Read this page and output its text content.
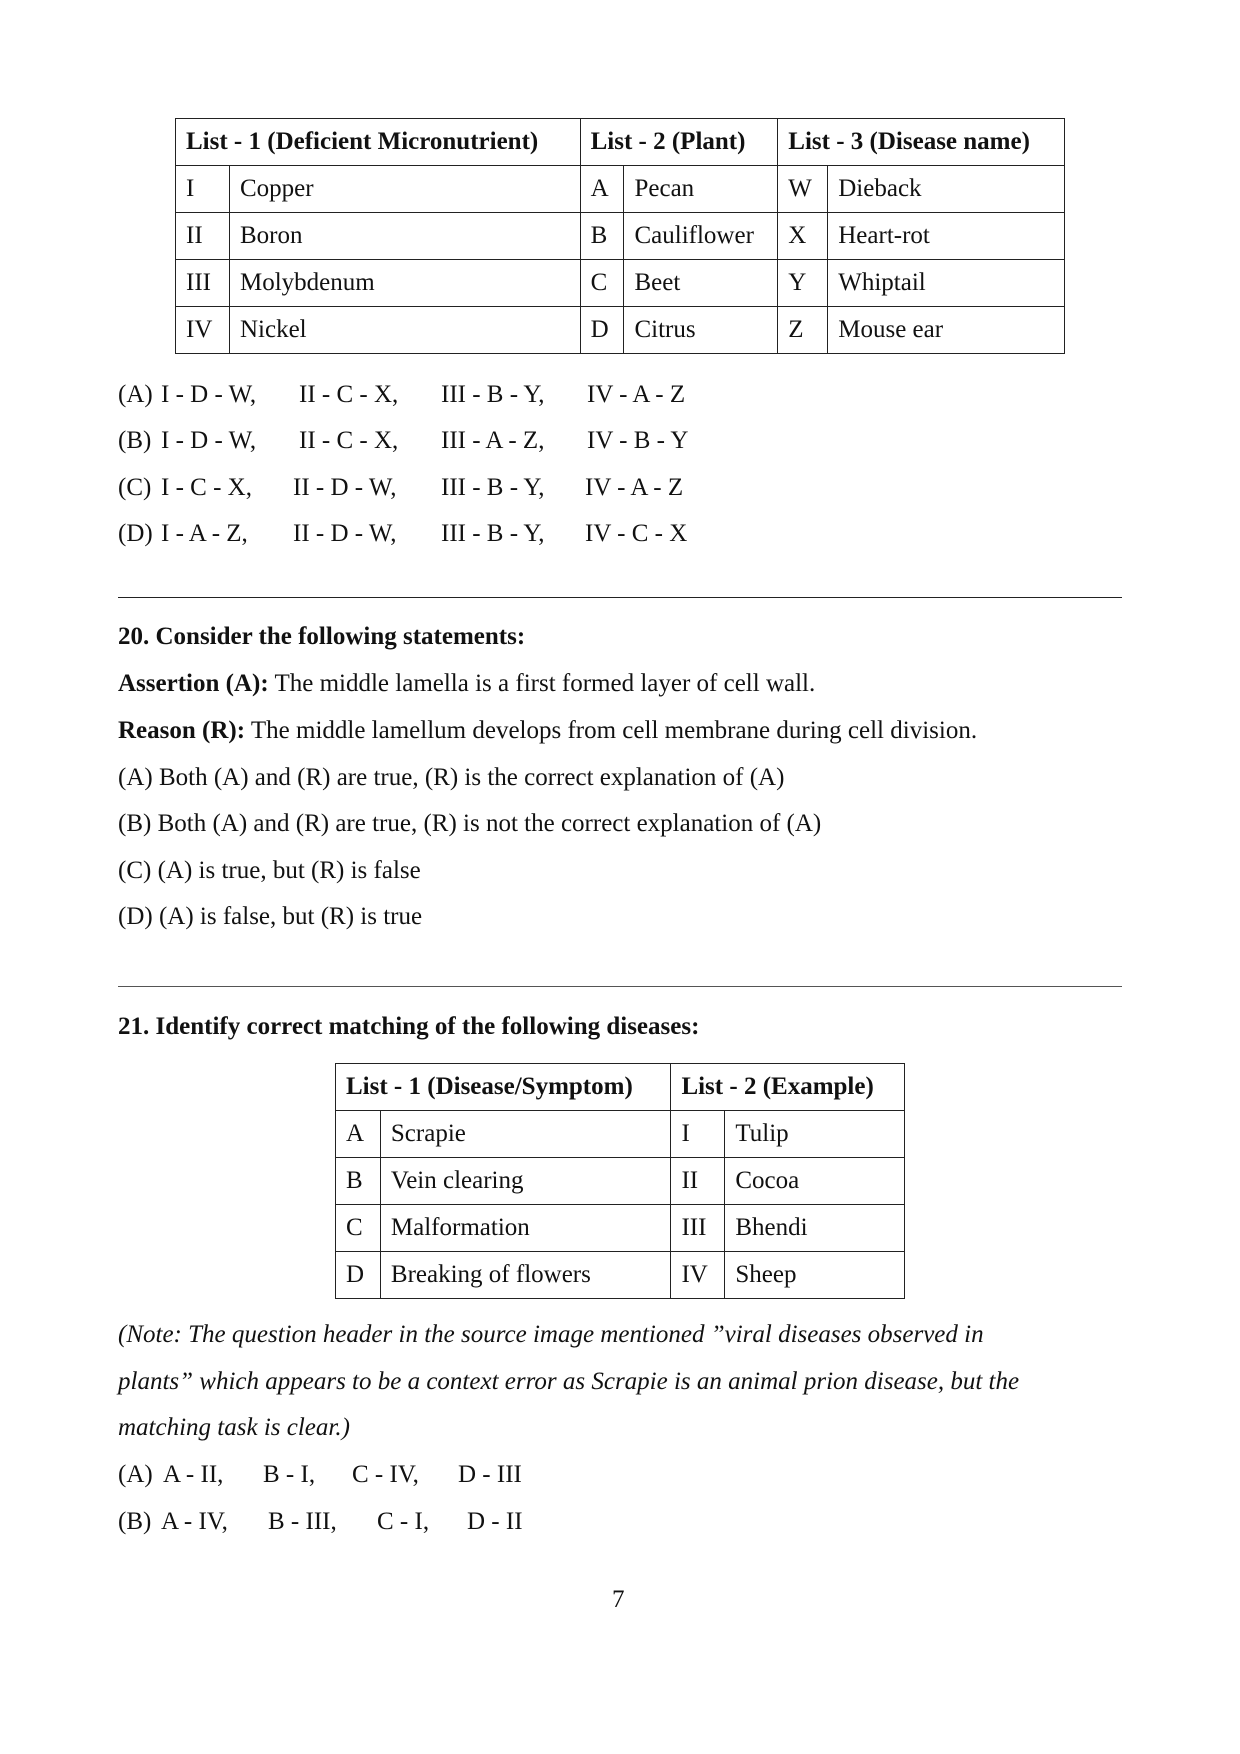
List - 1 (Deficient Micronutrient)		List - 2 (Plant)		List - 3 (Disease name)	
I	Copper	A	Pecan	W	Dieback
II	Boron	B	Cauliflower	X	Heart-rot
III	Molybdenum	C	Beet	Y	Whiptail
IV	Nickel	D	Citrus	Z	Mouse ear
(A) I - D - W, II - C - X, III - B - Y, IV - A - Z
(B) I - D - W, II - C - X, III - A - Z, IV - B - Y
(C) I - C - X, II - D - W, III - B - Y, IV - A - Z
(D) I - A - Z, II - D - W, III - B - Y, IV - C - X
20. Consider the following statements:
Assertion (A): The middle lamella is a first formed layer of cell wall.
Reason (R): The middle lamellum develops from cell membrane during cell division.
(A) Both (A) and (R) are true, (R) is the correct explanation of (A)
(B) Both (A) and (R) are true, (R) is not the correct explanation of (A)
(C) (A) is true, but (R) is false
(D) (A) is false, but (R) is true
21. Identify correct matching of the following diseases:
List - 1 (Disease/Symptom)		List - 2 (Example)	
A	Scrapie	I	Tulip
B	Vein clearing	II	Cocoa
C	Malformation	III	Bhendi
D	Breaking of flowers	IV	Sheep
(Note: The question header in the source image mentioned ”viral diseases observed in
plants” which appears to be a context error as Scrapie is an animal prion disease, but the
matching task is clear.)
(A) A - II, B - I, C - IV, D - III
(B) A - IV, B - III, C - I, D - II
7
